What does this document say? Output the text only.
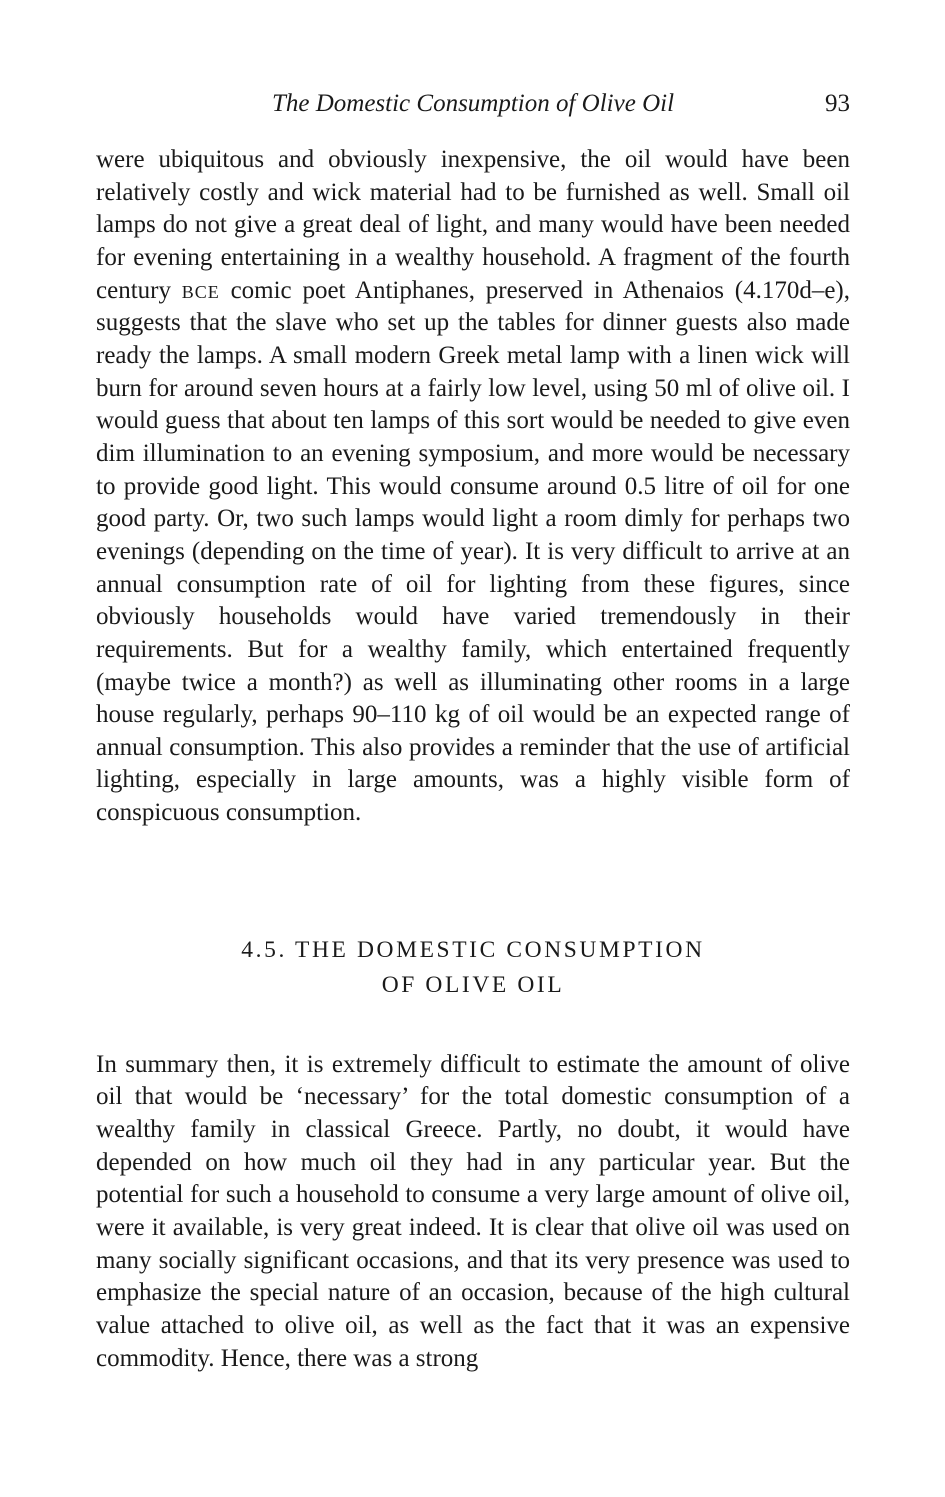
The Domestic Consumption of Olive Oil	93

were ubiquitous and obviously inexpensive, the oil would have been relatively costly and wick material had to be furnished as well. Small oil lamps do not give a great deal of light, and many would have been needed for evening entertaining in a wealthy household. A fragment of the fourth century bce comic poet Antiphanes, preserved in Athenaios (4.170d–e), suggests that the slave who set up the tables for dinner guests also made ready the lamps. A small modern Greek metal lamp with a linen wick will burn for around seven hours at a fairly low level, using 50 ml of olive oil. I would guess that about ten lamps of this sort would be needed to give even dim illumination to an evening symposium, and more would be necessary to provide good light. This would consume around 0.5 litre of oil for one good party. Or, two such lamps would light a room dimly for perhaps two evenings (depending on the time of year). It is very difficult to arrive at an annual consumption rate of oil for lighting from these figures, since obviously households would have varied tremendously in their requirements. But for a wealthy family, which entertained frequently (maybe twice a month?) as well as illuminating other rooms in a large house regularly, perhaps 90–110 kg of oil would be an expected range of annual consumption. This also provides a reminder that the use of artificial lighting, especially in large amounts, was a highly visible form of conspicuous consumption.

4.5. THE DOMESTIC CONSUMPTION
OF OLIVE OIL

In summary then, it is extremely difficult to estimate the amount of olive oil that would be ‘necessary’ for the total domestic consumption of a wealthy family in classical Greece. Partly, no doubt, it would have depended on how much oil they had in any particular year. But the potential for such a household to consume a very large amount of olive oil, were it available, is very great indeed. It is clear that olive oil was used on many socially significant occasions, and that its very presence was used to emphasize the special nature of an occasion, because of the high cultural value attached to olive oil, as well as the fact that it was an expensive commodity. Hence, there was a strong
